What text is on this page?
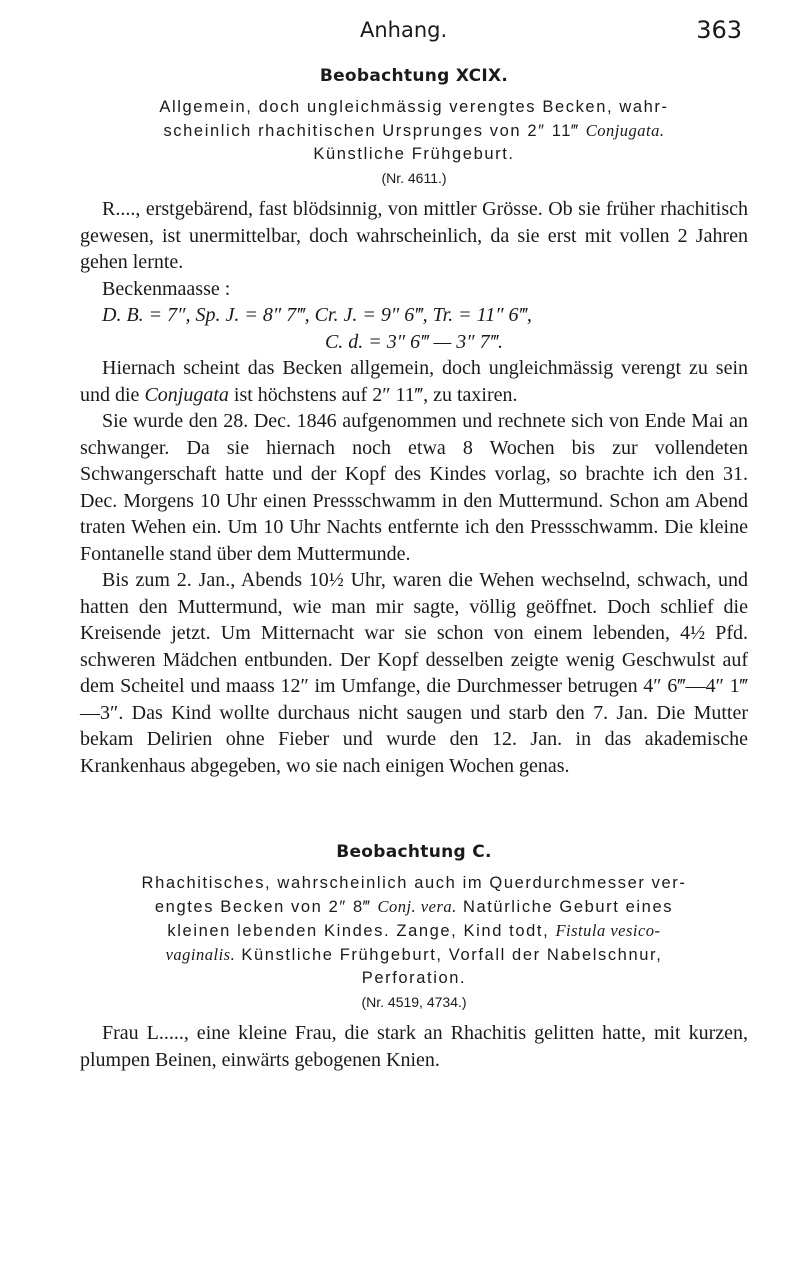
Anhang.	363
Beobachtung XCIX.

Allgemein, doch ungleichmässig verengtes Becken, wahr-
scheinlich rhachitischen Ursprunges von 2″ 11‴ Conjugata.
Künstliche Frühgeburt.

(Nr. 4611.)

R...., erstgebärend, fast blödsinnig, von mittler Grösse. Ob sie früher rhachitisch gewesen, ist unermittelbar, doch wahrscheinlich, da sie erst mit vollen 2 Jahren gehen lernte.

Beckenmaasse :

D. B. = 7″, Sp. J. = 8″ 7‴, Cr. J. = 9″ 6‴, Tr. = 11″ 6‴,

C. d. = 3″ 6‴ — 3″ 7‴.

Hiernach scheint das Becken allgemein, doch ungleichmässig verengt zu sein und die Conjugata ist höchstens auf 2″ 11‴, zu taxiren.

Sie wurde den 28. Dec. 1846 aufgenommen und rechnete sich von Ende Mai an schwanger. Da sie hiernach noch etwa 8 Wochen bis zur vollendeten Schwangerschaft hatte und der Kopf des Kindes vorlag, so brachte ich den 31. Dec. Morgens 10 Uhr einen Pressschwamm in den Muttermund. Schon am Abend traten Wehen ein. Um 10 Uhr Nachts entfernte ich den Pressschwamm. Die kleine Fontanelle stand über dem Muttermunde.

Bis zum 2. Jan., Abends 10½ Uhr, waren die Wehen wechselnd, schwach, und hatten den Muttermund, wie man mir sagte, völlig geöffnet. Doch schlief die Kreisende jetzt. Um Mitternacht war sie schon von einem lebenden, 4½ Pfd. schweren Mädchen entbunden. Der Kopf desselben zeigte wenig Geschwulst auf dem Scheitel und maass 12″ im Umfange, die Durchmesser betrugen 4″ 6‴—4″ 1‴—3″. Das Kind wollte durchaus nicht saugen und starb den 7. Jan. Die Mutter bekam Delirien ohne Fieber und wurde den 12. Jan. in das akademische Krankenhaus abgegeben, wo sie nach einigen Wochen genas.

Beobachtung C.

Rhachitisches, wahrscheinlich auch im Querdurchmesser ver-
engtes Becken von 2″ 8‴ Conj. vera. Natürliche Geburt eines
kleinen lebenden Kindes. Zange, Kind todt, Fistula vesico-
vaginalis. Künstliche Frühgeburt, Vorfall der Nabelschnur,
Perforation.

(Nr. 4519, 4734.)

Frau L....., eine kleine Frau, die stark an Rhachitis gelitten hatte, mit kurzen, plumpen Beinen, einwärts gebogenen Knien.
